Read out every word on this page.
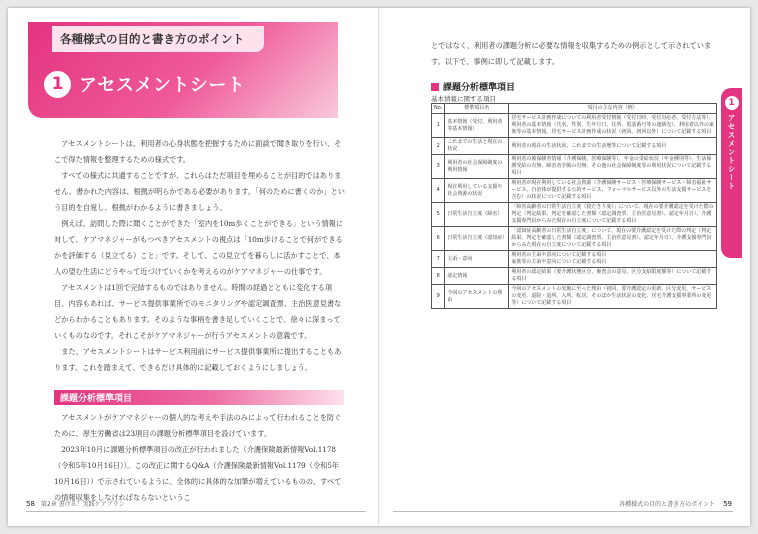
各種様式の目的と書き方のポイント
1 アセスメントシート

アセスメントシートは、利用者の心身状態を把握するために面談で聞き取りを行い、そこで得た情報を整理するための様式です。

すべての様式に共通することですが、これらはただ項目を埋めることが目的ではありません。書かれた内容は、根拠が明らかである必要があります。「何のために書くのか」という目的を自覚し、根拠がわかるように書きましょう。

例えば、訪問した際に聞くことができた「室内を10m歩くことができる」という情報に対して、ケアマネジャーがもつべきアセスメントの視点は「10m歩けることで何ができるかを評価する（見立てる）こと」です。そして、この見立てを暮らしに活かすことで、本人の望む生活にどうやって近づけていくかを考えるのがケアマネジャーの仕事です。

アセスメントは1回で完結するものではありません。時間の経過とともに変化する項目、内容もあれば、サービス提供事業所でのモニタリングや認定調査票、主治医意見書などからわかることもあります。そのような事柄を書き足していくことで、徐々に深まっていくものなのです。それこそがケアマネジャーが行うアセスメントの意義です。

また、アセスメントシートはサービス利用前にサービス提供事業所に提出することもあります。これを踏まえて、できるだけ具体的に記載しておくようにしましょう。

課題分析標準項目

アセスメントがケアマネジャーの個人的な考えや手法のみによって行われることを防ぐために、厚生労働省は23項目の課題分析標準項目を設けています。

2023年10月に課題分析標準項目の改正が行われました（介護保険最新情報Vol.1178（令和5年10月16日））。この改正に関するQ&A（介護保険最新情報Vol.1179（令和5年10月16日））で示されているように、全体的に具体的な加筆が増えているものの、すべての情報収集をしなければならないというこ

58 第2章 書ける！実践ケアプラン
とではなく、利用者の課題分析に必要な情報を収集するための例示として示されています。以下で、事例に即して記載します。
課題分析標準項目
基本情報に関する項目
No.	標準項目名	項目の主な内容（例）
1	基本情報（受付、利用者等基本情報）	居宅サービス計画作成についての利用者受付情報（受付日時、受付対応者、受付方法等）、利用者の基本情報（氏名、性別、生年月日、住所、電話番号等の連絡先）、利用者以外の家族等の基本情報、居宅サービス計画作成の状況（初回、初回以外）について記載する項目
2	これまでの生活と現在の状況	利用者の現在の生活状況、これまでの生活歴等について記載する項目
3	利用者の社会保障制度の利用情報	利用者の被保険者情報（介護保険、医療保険等）、年金の受給状況（年金種別等）、生活保護受給の有無、障害者手帳の有無、その他の社会保障制度等の利用状況について記載する項目
4	現在利用している支援や社会資源の状況	利用者が現在利用している社会資源（介護保険サービス・医療保険サービス・障害福祉サービス、自治体が提供する公的サービス、フォーマルサービス以外の生活支援サービスを含む）の状況について記載する項目
5	日常生活自立度（障害）	「障害高齢者の日常生活自立度（寝たきり度）」について、現在の要介護認定を受けた際の判定（判定結果、判定を確認した書類（認定調査票、主治医意見書）、認定年月日）、介護支援専門員からみた現在の自立度について記載する項目
6	日常生活自立度（認知症）	「認知症高齢者の日常生活自立度」について、現在の要介護認定を受けた際の判定（判定結果、判定を確認した書類（認定調査票、主治医意見書）、認定年月日）、介護支援専門員からみた現在の自立度について記載する項目
7	主訴・意向	利用者の主訴や意向について記載する項目
家族等の主訴や意向について記載する項目
8	認定情報	利用者の認定結果（要介護状態区分、審査会の意見、区分支給限度額等）について記載する項目
9	今回のアセスメントの理由	今回のアセスメントの実施に至った理由（初回、要介護認定の更新、区分変更、サービスの変更、退院・退所、入所、転居、そのほか生活状況の変化、居宅介護支援事業所の変更等）について記載する項目
1
アセスメントシート
各種様式の目的と書き方のポイント 59
